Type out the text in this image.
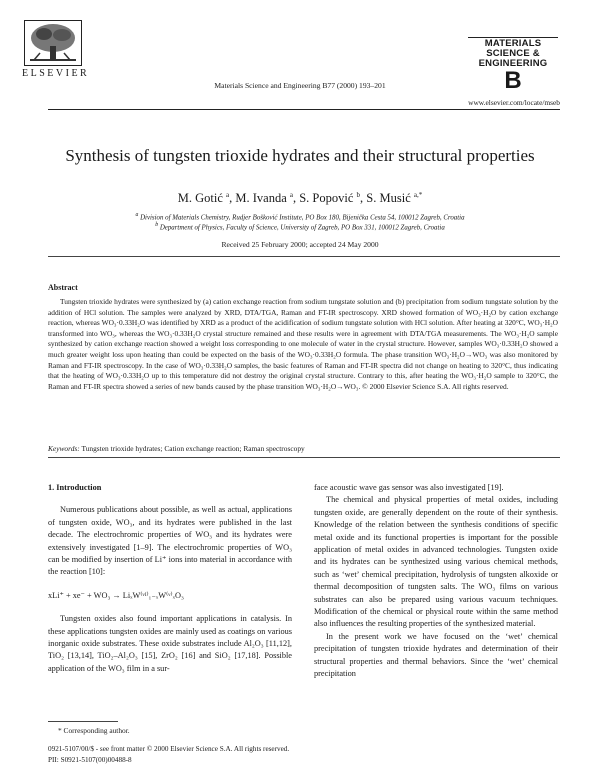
ELSEVIER
Materials Science and Engineering B77 (2000) 193–201
MATERIALS
SCIENCE &
ENGINEERING
B
www.elsevier.com/locate/mseb
Synthesis of tungsten trioxide hydrates and their structural properties
M. Gotić $^a$, M. Ivanda $^a$, S. Popović $^b$, S. Musić $^{a,*}$
$^a$ Division of Materials Chemistry, Rudjer Bošković Institute, PO Box 180, Bijenička Cesta 54, 100012 Zagreb, Croatia
$^b$ Department of Physics, Faculty of Science, University of Zagreb, PO Box 331, 100012 Zagreb, Croatia
Received 25 February 2000; accepted 24 May 2000
Abstract
Tungsten trioxide hydrates were synthesized by (a) cation exchange reaction from sodium tungstate solution and (b) precipitation from sodium tungstate solution by the addition of HCl solution. The samples were analyzed by XRD, DTA/TGA, Raman and FT-IR spectroscopy. XRD showed formation of WO₃·H₂O by cation exchange reaction, whereas WO₃·0.33H₂O was identified by XRD as a product of the acidification of sodium tungstate solution with HCl solution. After heating at 320°C, WO₃·H₂O transformed into WO₃, whereas the WO₃·0.33H₂O crystal structure remained and these results were in agreement with DTA/TGA measurements. The WO₃·H₂O sample synthesized by cation exchange reaction showed a weight loss corresponding to one molecule of water in the crystal structure. However, samples WO₃·0.33H₂O showed a much greater weight loss upon heating than could be expected on the basis of the WO₃·0.33H₂O formula. The phase transition WO₃·H₂O→WO₃ was also monitored by Raman and FT-IR spectroscopy. In the case of WO₃·0.33H₂O samples, the basic features of Raman and FT-IR spectra did not change on heating to 320°C, thus indicating that the heating of WO₃·0.33H₂O up to this temperature did not destroy the original crystal structure. Contrary to this, after heating the WO₃·H₂O sample to 320°C, the Raman and FT-IR spectra showed a series of new bands caused by the phase transition WO₃·H₂O→WO₃. © 2000 Elsevier Science S.A. All rights reserved.
Keywords: Tungsten trioxide hydrates; Cation exchange reaction; Raman spectroscopy
1. Introduction

Numerous publications about possible, as well as actual, applications of tungsten oxide, WO₃, and its hydrates were published in the last decade. The electrochromic properties of WO₃ and its hydrates were extensively investigated [1–9]. The electrochromic properties of WO₃ can be modified by insertion of Li⁺ ions into material in accordance with the reaction [10]:

xLi⁺ + xe⁻ + WO₃ → LiₓW⁽ᵛᴵ⁾₁₋ₓW⁽ᵛ⁾ₓO₃

Tungsten oxides also found important applications in catalysis. In these applications tungsten oxides are mainly used as coatings on various inorganic oxide substrates. These oxide substrates include Al₂O₃ [11,12], TiO₂ [13,14], TiO₂–Al₂O₃ [15], ZrO₂ [16] and SiO₂ [17,18]. Possible application of the WO₃ film in a sur-

face acoustic wave gas sensor was also investigated [19].

The chemical and physical properties of metal oxides, including tungsten oxide, are generally dependent on the route of their synthesis. Knowledge of the relation between the synthesis conditions of specific metal oxide and its functional properties is important for the possible application of metal oxides in advanced technologies. Tungsten oxide and its hydrates can be synthesized using various chemical methods, such as ‘wet’ chemical precipitation, hydrolysis of tungsten alkoxide or thermal decomposition of tungsten salts. The WO₃ films on various substrates can also be prepared using various vacuum techniques. Modification of the chemical or physical route within the same method also influences the resulting properties of the synthesized material.

In the present work we have focused on the ‘wet’ chemical precipitation of tungsten trioxide hydrates and determination of their structural properties and thermal behaviors. Since the ‘wet’ chemical precipitation

* Corresponding author.
0921-5107/00/$ - see front matter © 2000 Elsevier Science S.A. All rights reserved.
PII: S0921-5107(00)00488-8
